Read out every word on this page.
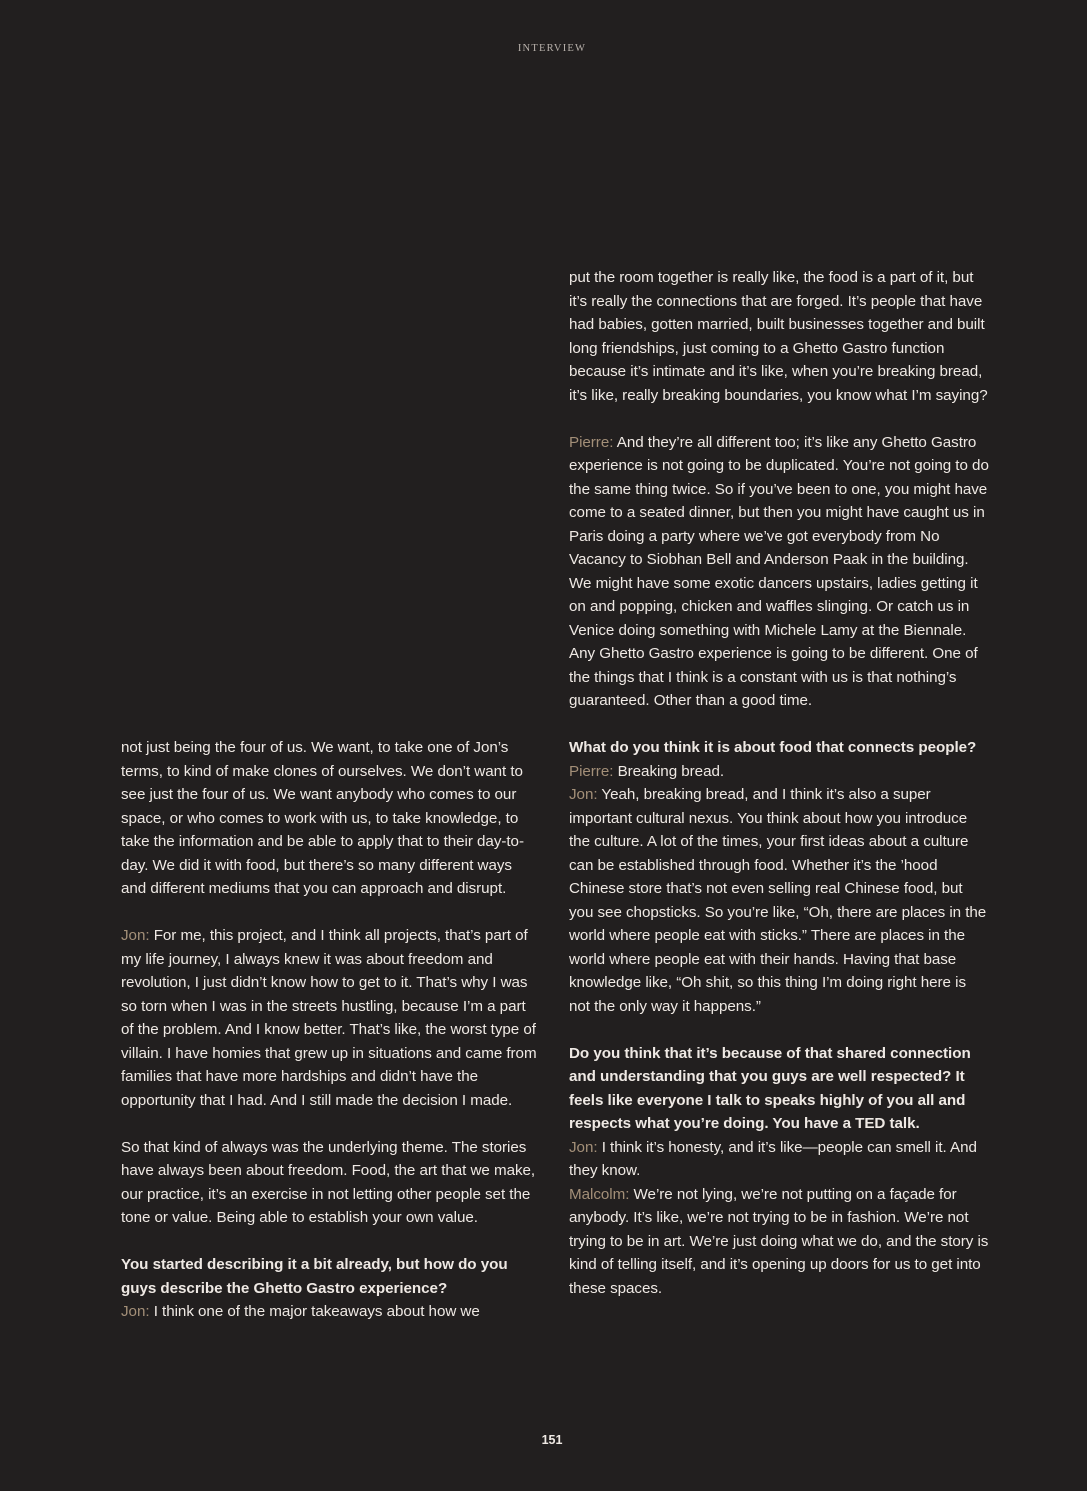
INTERVIEW

not just being the four of us. We want, to take one of Jon’s terms, to kind of make clones of ourselves. We don’t want to see just the four of us. We want anybody who comes to our space, or who comes to work with us, to take knowledge, to take the information and be able to apply that to their day-to-day. We did it with food, but there’s so many different ways and different mediums that you can approach and disrupt.

Jon: For me, this project, and I think all projects, that’s part of my life journey, I always knew it was about freedom and revolution, I just didn’t know how to get to it. That’s why I was so torn when I was in the streets hustling, because I’m a part of the problem. And I know better. That’s like, the worst type of villain. I have homies that grew up in situations and came from families that have more hardships and didn’t have the opportunity that I had. And I still made the decision I made.

So that kind of always was the underlying theme. The stories have always been about freedom. Food, the art that we make, our practice, it’s an exercise in not letting other people set the tone or value. Being able to establish your own value.

You started describing it a bit already, but how do you guys describe the Ghetto Gastro experience?

Jon: I think one of the major takeaways about how we

put the room together is really like, the food is a part of it, but it’s really the connections that are forged. It’s people that have had babies, gotten married, built businesses together and built long friendships, just coming to a Ghetto Gastro function because it’s intimate and it’s like, when you’re breaking bread, it’s like, really breaking boundaries, you know what I’m saying?

Pierre: And they’re all different too; it’s like any Ghetto Gastro experience is not going to be duplicated. You’re not going to do the same thing twice. So if you’ve been to one, you might have come to a seated dinner, but then you might have caught us in Paris doing a party where we’ve got everybody from No Vacancy to Siobhan Bell and Anderson Paak in the building. We might have some exotic dancers upstairs, ladies getting it on and popping, chicken and waffles slinging. Or catch us in Venice doing something with Michele Lamy at the Biennale. Any Ghetto Gastro experience is going to be different. One of the things that I think is a constant with us is that nothing’s guaranteed. Other than a good time.

What do you think it is about food that connects people?

Pierre: Breaking bread.

Jon: Yeah, breaking bread, and I think it’s also a super important cultural nexus. You think about how you introduce the culture. A lot of the times, your first ideas about a culture can be established through food. Whether it’s the ’hood Chinese store that’s not even selling real Chinese food, but you see chopsticks. So you’re like, “Oh, there are places in the world where people eat with sticks.” There are places in the world where people eat with their hands. Having that base knowledge like, “Oh shit, so this thing I’m doing right here is not the only way it happens.”

Do you think that it’s because of that shared connection and understanding that you guys are well respected? It feels like everyone I talk to speaks highly of you all and respects what you’re doing. You have a TED talk.

Jon: I think it’s honesty, and it’s like—people can smell it. And they know.

Malcolm: We’re not lying, we’re not putting on a façade for anybody. It’s like, we’re not trying to be in fashion. We’re not trying to be in art. We’re just doing what we do, and the story is kind of telling itself, and it’s opening up doors for us to get into these spaces.

151
